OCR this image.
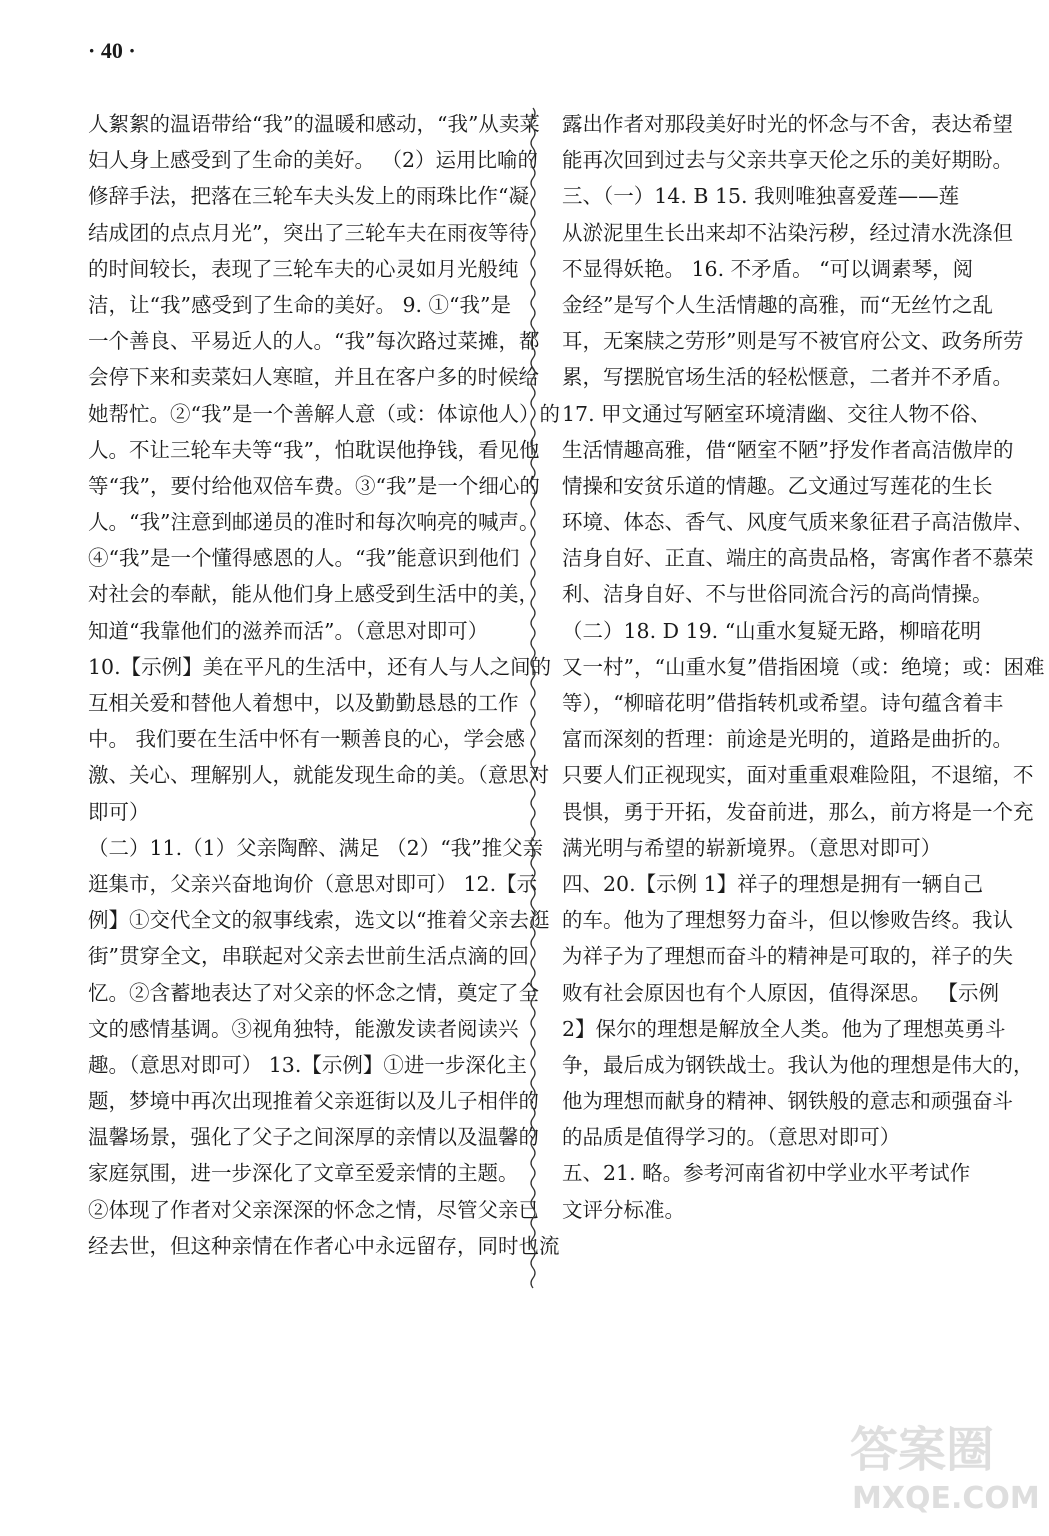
· 40 ·
人絮絮的温语带给“我”的温暖和感动，“我”从卖菜
妇人身上感受到了生命的美好。 （2）运用比喻的
修辞手法，把落在三轮车夫头发上的雨珠比作“凝
结成团的点点月光”，突出了三轮车夫在雨夜等待
的时间较长，表现了三轮车夫的心灵如月光般纯
洁，让“我”感受到了生命的美好。 9. ①“我”是
一个善良、平易近人的人。“我”每次路过菜摊，都
会停下来和卖菜妇人寒暄，并且在客户多的时候给
她帮忙。②“我”是一个善解人意（或：体谅他人）的
人。不让三轮车夫等“我”，怕耽误他挣钱，看见他
等“我”，要付给他双倍车费。③“我”是一个细心的
人。“我”注意到邮递员的准时和每次响亮的喊声。
④“我”是一个懂得感恩的人。“我”能意识到他们
对社会的奉献，能从他们身上感受到生活中的美，
知道“我靠他们的滋养而活”。（意思对即可）
10.【示例】美在平凡的生活中，还有人与人之间的
互相关爱和替他人着想中，以及勤勤恳恳的工作
中。 我们要在生活中怀有一颗善良的心，学会感
激、关心、理解别人，就能发现生命的美。（意思对
即可）
（二）11.（1）父亲陶醉、满足 （2）“我”推父亲
逛集市，父亲兴奋地询价（意思对即可） 12.【示
例】①交代全文的叙事线索，选文以“推着父亲去逛
街”贯穿全文，串联起对父亲去世前生活点滴的回
忆。②含蓄地表达了对父亲的怀念之情，奠定了全
文的感情基调。③视角独特，能激发读者阅读兴
趣。（意思对即可） 13.【示例】①进一步深化主
题，梦境中再次出现推着父亲逛街以及儿子相伴的
温馨场景，强化了父子之间深厚的亲情以及温馨的
家庭氛围，进一步深化了文章至爱亲情的主题。
②体现了作者对父亲深深的怀念之情，尽管父亲已
经去世，但这种亲情在作者心中永远留存，同时也流
露出作者对那段美好时光的怀念与不舍，表达希望
能再次回到过去与父亲共享天伦之乐的美好期盼。
三、（一）14. B 15. 我则唯独喜爱莲——莲
从淤泥里生长出来却不沾染污秽，经过清水洗涤但
不显得妖艳。 16. 不矛盾。 “可以调素琴，阅
金经”是写个人生活情趣的高雅，而“无丝竹之乱
耳，无案牍之劳形”则是写不被官府公文、政务所劳
累，写摆脱官场生活的轻松惬意，二者并不矛盾。
17. 甲文通过写陋室环境清幽、交往人物不俗、
生活情趣高雅，借“陋室不陋”抒发作者高洁傲岸的
情操和安贫乐道的情趣。乙文通过写莲花的生长
环境、体态、香气、风度气质来象征君子高洁傲岸、
洁身自好、正直、端庄的高贵品格，寄寓作者不慕荣
利、洁身自好、不与世俗同流合污的高尚情操。
（二）18. D 19. “山重水复疑无路，柳暗花明
又一村”，“山重水复”借指困境（或：绝境；或：困难
等），“柳暗花明”借指转机或希望。诗句蕴含着丰
富而深刻的哲理：前途是光明的，道路是曲折的。
只要人们正视现实，面对重重艰难险阻，不退缩，不
畏惧，勇于开拓，发奋前进，那么，前方将是一个充
满光明与希望的崭新境界。（意思对即可）
四、20.【示例 1】祥子的理想是拥有一辆自己
的车。他为了理想努力奋斗，但以惨败告终。我认
为祥子为了理想而奋斗的精神是可取的，祥子的失
败有社会原因也有个人原因，值得深思。 【示例
2】保尔的理想是解放全人类。他为了理想英勇斗
争，最后成为钢铁战士。我认为他的理想是伟大的，
他为理想而献身的精神、钢铁般的意志和顽强奋斗
的品质是值得学习的。（意思对即可）
五、21. 略。参考河南省初中学业水平考试作
文评分标准。
答案圈
MXQE.COM
